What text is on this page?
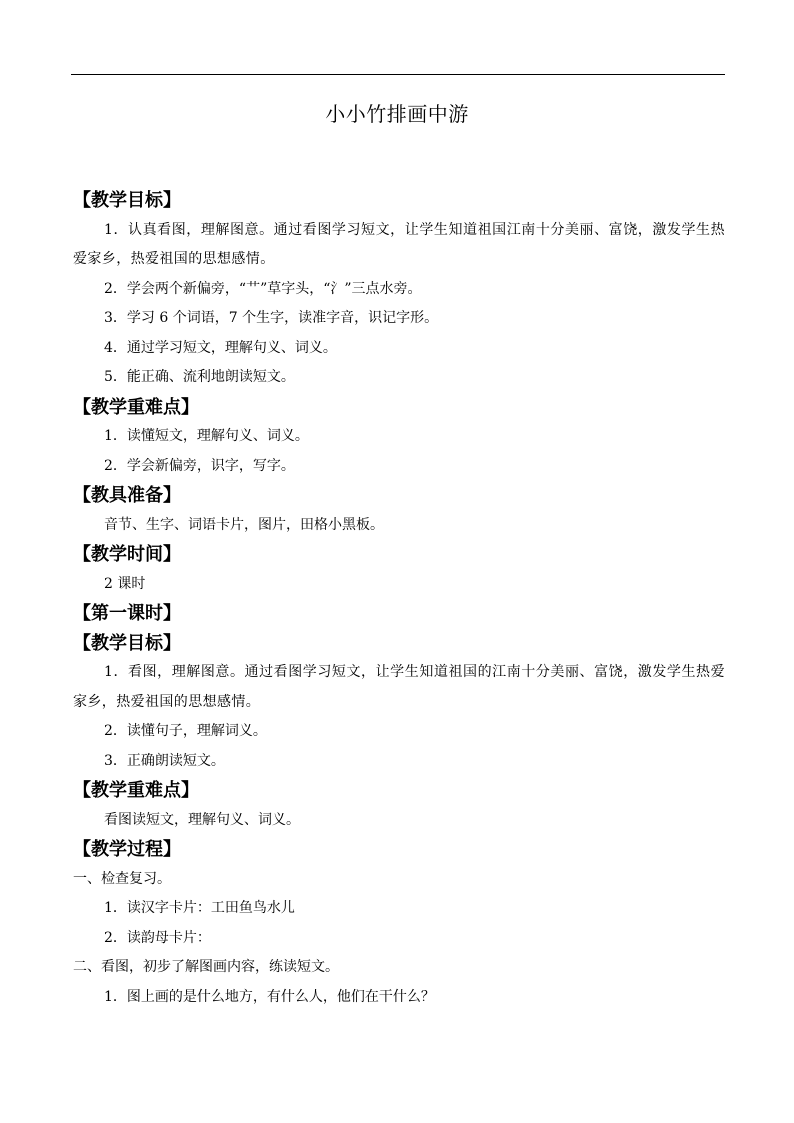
小小竹排画中游
【教学目标】
1．认真看图，理解图意。通过看图学习短文，让学生知道祖国江南十分美丽、富饶，激发学生热爱家乡，热爱祖国的思想感情。
2．学会两个新偏旁，“艹”草字头，“氵”三点水旁。
3．学习 6 个词语，7 个生字，读准字音，识记字形。
4．通过学习短文，理解句义、词义。
5．能正确、流利地朗读短文。
【教学重难点】
1．读懂短文，理解句义、词义。
2．学会新偏旁，识字，写字。
【教具准备】
音节、生字、词语卡片，图片，田格小黑板。
【教学时间】
2 课时
【第一课时】
【教学目标】
1．看图，理解图意。通过看图学习短文，让学生知道祖国的江南十分美丽、富饶，激发学生热爱家乡，热爱祖国的思想感情。
2．读懂句子，理解词义。
3．正确朗读短文。
【教学重难点】
看图读短文，理解句义、词义。
【教学过程】
一、检查复习。
1．读汉字卡片：工田鱼鸟水儿
2．读韵母卡片：
二、看图，初步了解图画内容，练读短文。
1．图上画的是什么地方，有什么人，他们在干什么？
